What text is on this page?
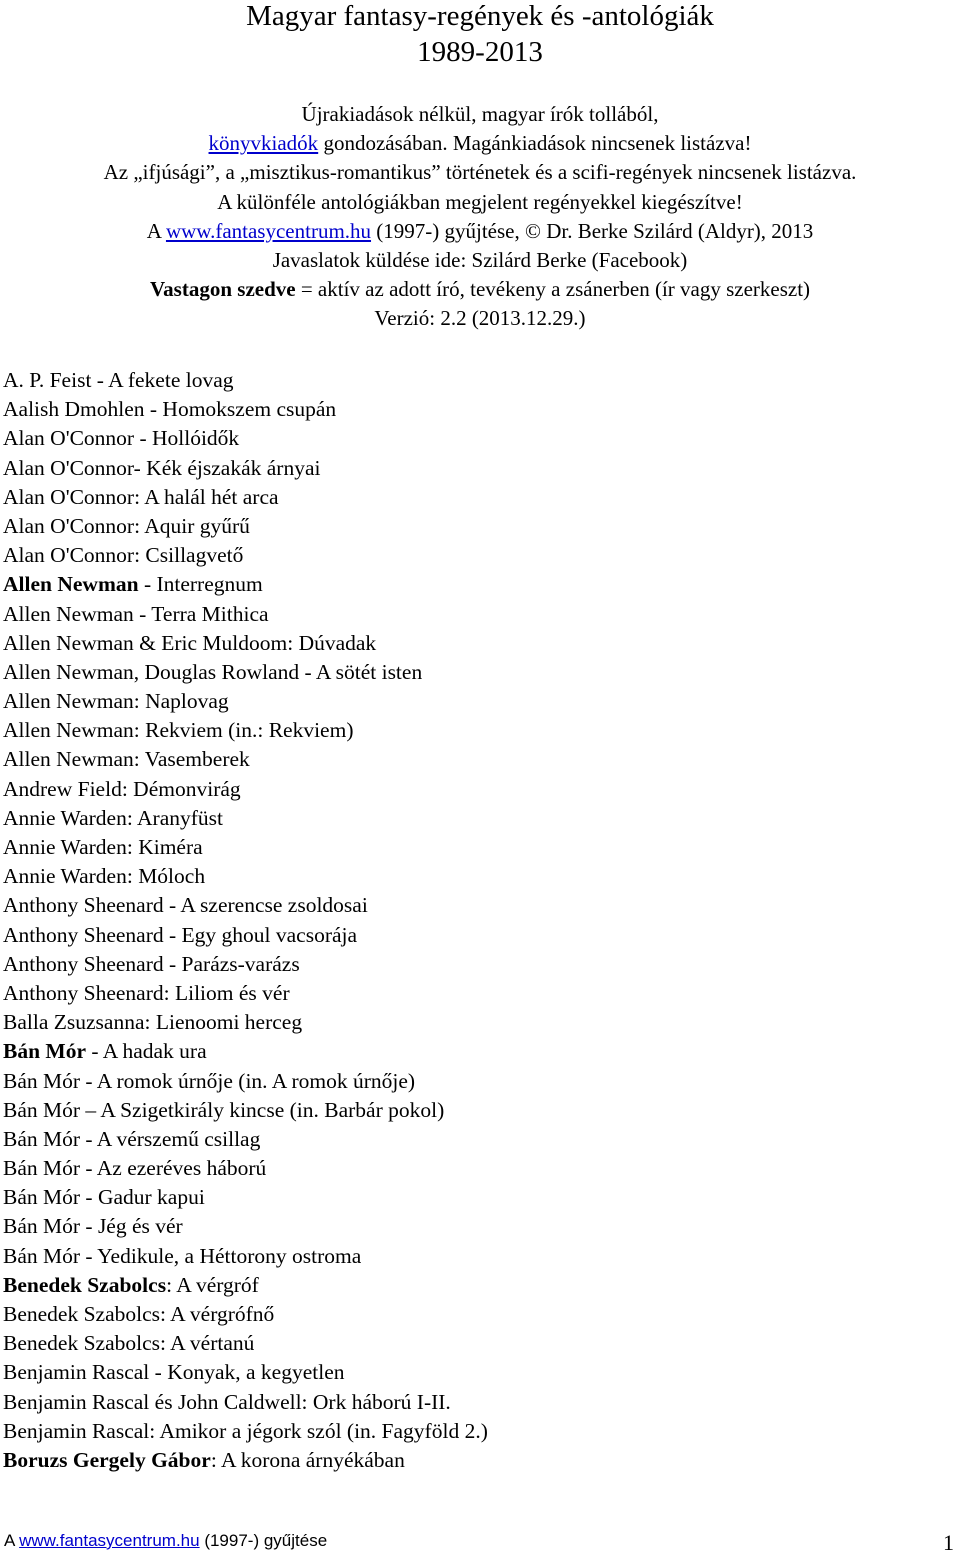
Magyar fantasy-regények és -antológiák
1989-2013

Újrakiadások nélkül, magyar írók tollából,

könyvkiadók gondozásában. Magánkiadások nincsenek listázva!

Az „ifjúsági”, a „misztikus-romantikus” történetek és a scifi-regények nincsenek listázva.

A különféle antológiákban megjelent regényekkel kiegészítve!

A www.fantasycentrum.hu (1997-) gyűjtése, © Dr. Berke Szilárd (Aldyr), 2013

Javaslatok küldése ide: Szilárd Berke (Facebook)

Vastagon szedve = aktív az adott író, tevékeny a zsánerben (ír vagy szerkeszt)

Verzió: 2.2 (2013.12.29.)

A. P. Feist - A fekete lovag
Aalish Dmohlen - Homokszem csupán
Alan O'Connor - Hollóidők
Alan O'Connor- Kék éjszakák árnyai
Alan O'Connor: A halál hét arca
Alan O'Connor: Aquir gyűrű
Alan O'Connor: Csillagvető
Allen Newman - Interregnum
Allen Newman - Terra Mithica
Allen Newman & Eric Muldoom: Dúvadak
Allen Newman, Douglas Rowland - A sötét isten
Allen Newman: Naplovag
Allen Newman: Rekviem (in.: Rekviem)
Allen Newman: Vasemberek
Andrew Field: Démonvirág
Annie Warden: Aranyfüst
Annie Warden: Kiméra
Annie Warden: Móloch
Anthony Sheenard - A szerencse zsoldosai
Anthony Sheenard - Egy ghoul vacsorája
Anthony Sheenard - Parázs-varázs
Anthony Sheenard: Liliom és vér
Balla Zsuzsanna: Lienoomi herceg
Bán Mór - A hadak ura
Bán Mór - A romok úrnője (in. A romok úrnője)
Bán Mór – A Szigetkirály kincse (in. Barbár pokol)
Bán Mór - A vérszemű csillag
Bán Mór - Az ezeréves háború
Bán Mór - Gadur kapui
Bán Mór - Jég és vér
Bán Mór - Yedikule, a Héttorony ostroma
Benedek Szabolcs: A vérgróf
Benedek Szabolcs: A vérgrófnő
Benedek Szabolcs: A vértanú
Benjamin Rascal - Konyak, a kegyetlen
Benjamin Rascal és John Caldwell: Ork háború I-II.
Benjamin Rascal: Amikor a jégork szól (in. Fagyföld 2.)
Boruzs Gergely Gábor: A korona árnyékában
A www.fantasycentrum.hu (1997-) gyűjtése	1
